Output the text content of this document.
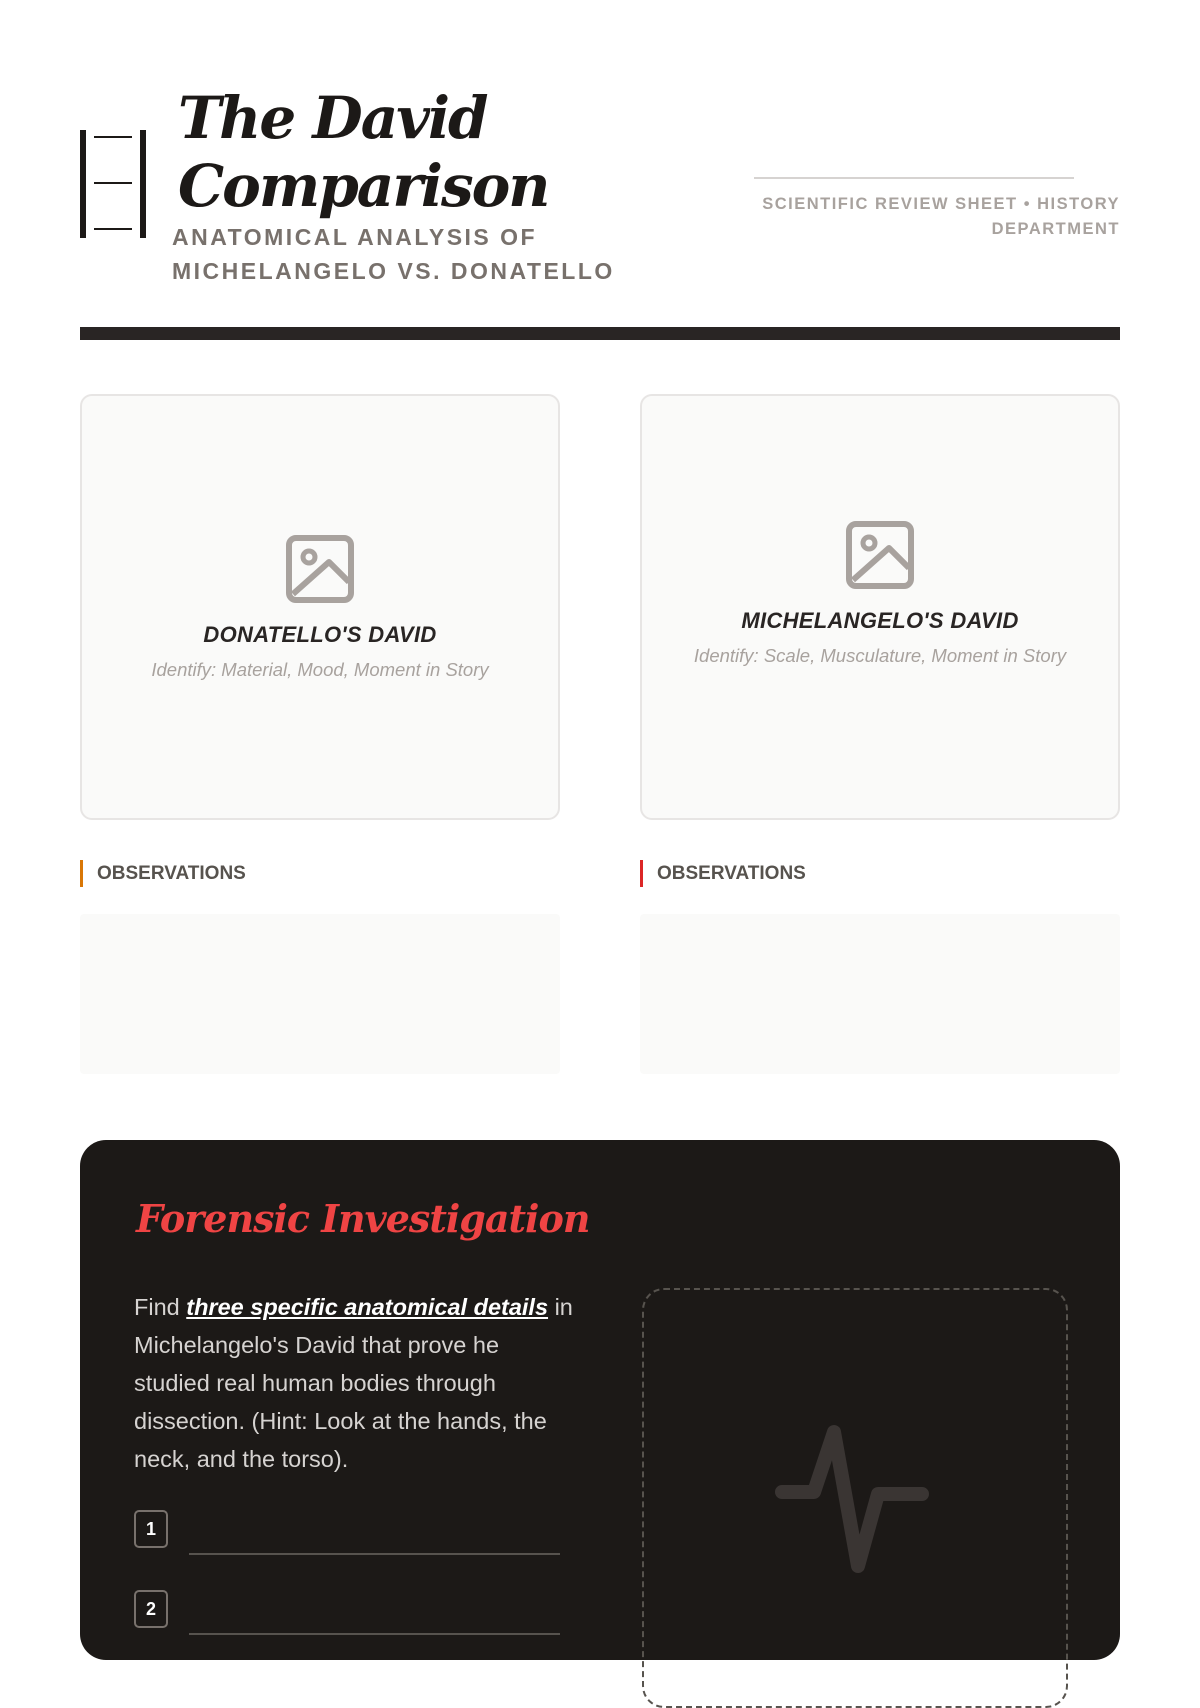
The David
Comparison
ANATOMICAL ANALYSIS OF
MICHELANGELO VS. DONATELLO
SCIENTIFIC REVIEW SHEET • HISTORY
DEPARTMENT
DONATELLO'S DAVID
Identify: Material, Mood, Moment in Story
MICHELANGELO'S DAVID
Identify: Scale, Musculature, Moment in Story
OBSERVATIONS	OBSERVATIONS
Forensic Investigation
Find three specific anatomical details in Michelangelo's David that prove he studied real human bodies through dissection. (Hint: Look at the hands, the neck, and the torso).
1
2
